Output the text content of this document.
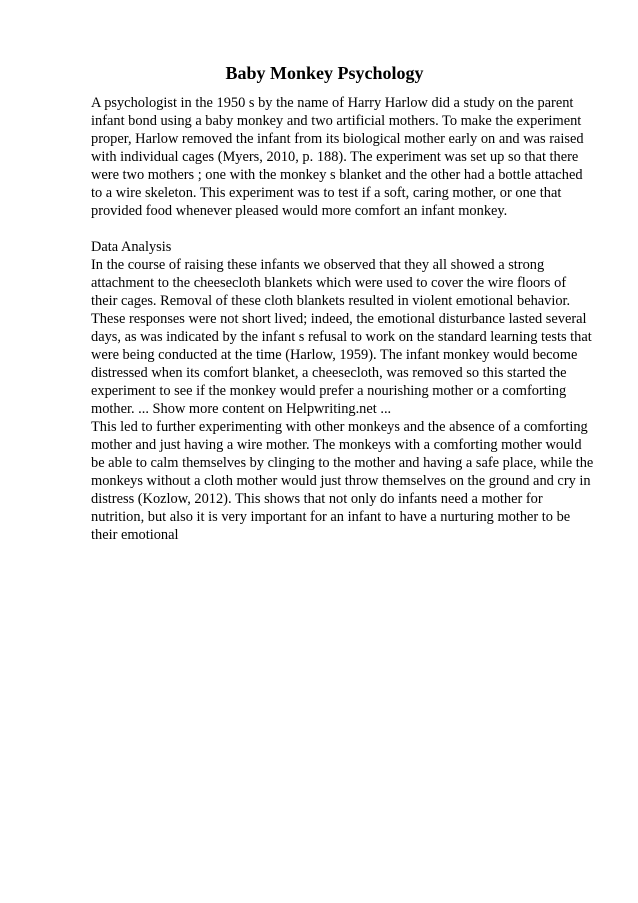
Baby Monkey Psychology

A psychologist in the 1950 s by the name of Harry Harlow did a study on the parent infant bond using a baby monkey and two artificial mothers. To make the experiment proper, Harlow removed the infant from its biological mother early on and was raised with individual cages (Myers, 2010, p. 188). The experiment was set up so that there were two mothers ; one with the monkey s blanket and the other had a bottle attached to a wire skeleton. This experiment was to test if a soft, caring mother, or one that provided food whenever pleased would more comfort an infant monkey.

Data Analysis

In the course of raising these infants we observed that they all showed a strong attachment to the cheesecloth blankets which were used to cover the wire floors of their cages. Removal of these cloth blankets resulted in violent emotional behavior. These responses were not short lived; indeed, the emotional disturbance lasted several days, as was indicated by the infant s refusal to work on the standard learning tests that were being conducted at the time (Harlow, 1959). The infant monkey would become distressed when its comfort blanket, a cheesecloth, was removed so this started the experiment to see if the monkey would prefer a nourishing mother or a comforting mother. ... Show more content on Helpwriting.net ...

This led to further experimenting with other monkeys and the absence of a comforting mother and just having a wire mother. The monkeys with a comforting mother would be able to calm themselves by clinging to the mother and having a safe place, while the monkeys without a cloth mother would just throw themselves on the ground and cry in distress (Kozlow, 2012). This shows that not only do infants need a mother for nutrition, but also it is very important for an infant to have a nurturing mother to be their emotional
